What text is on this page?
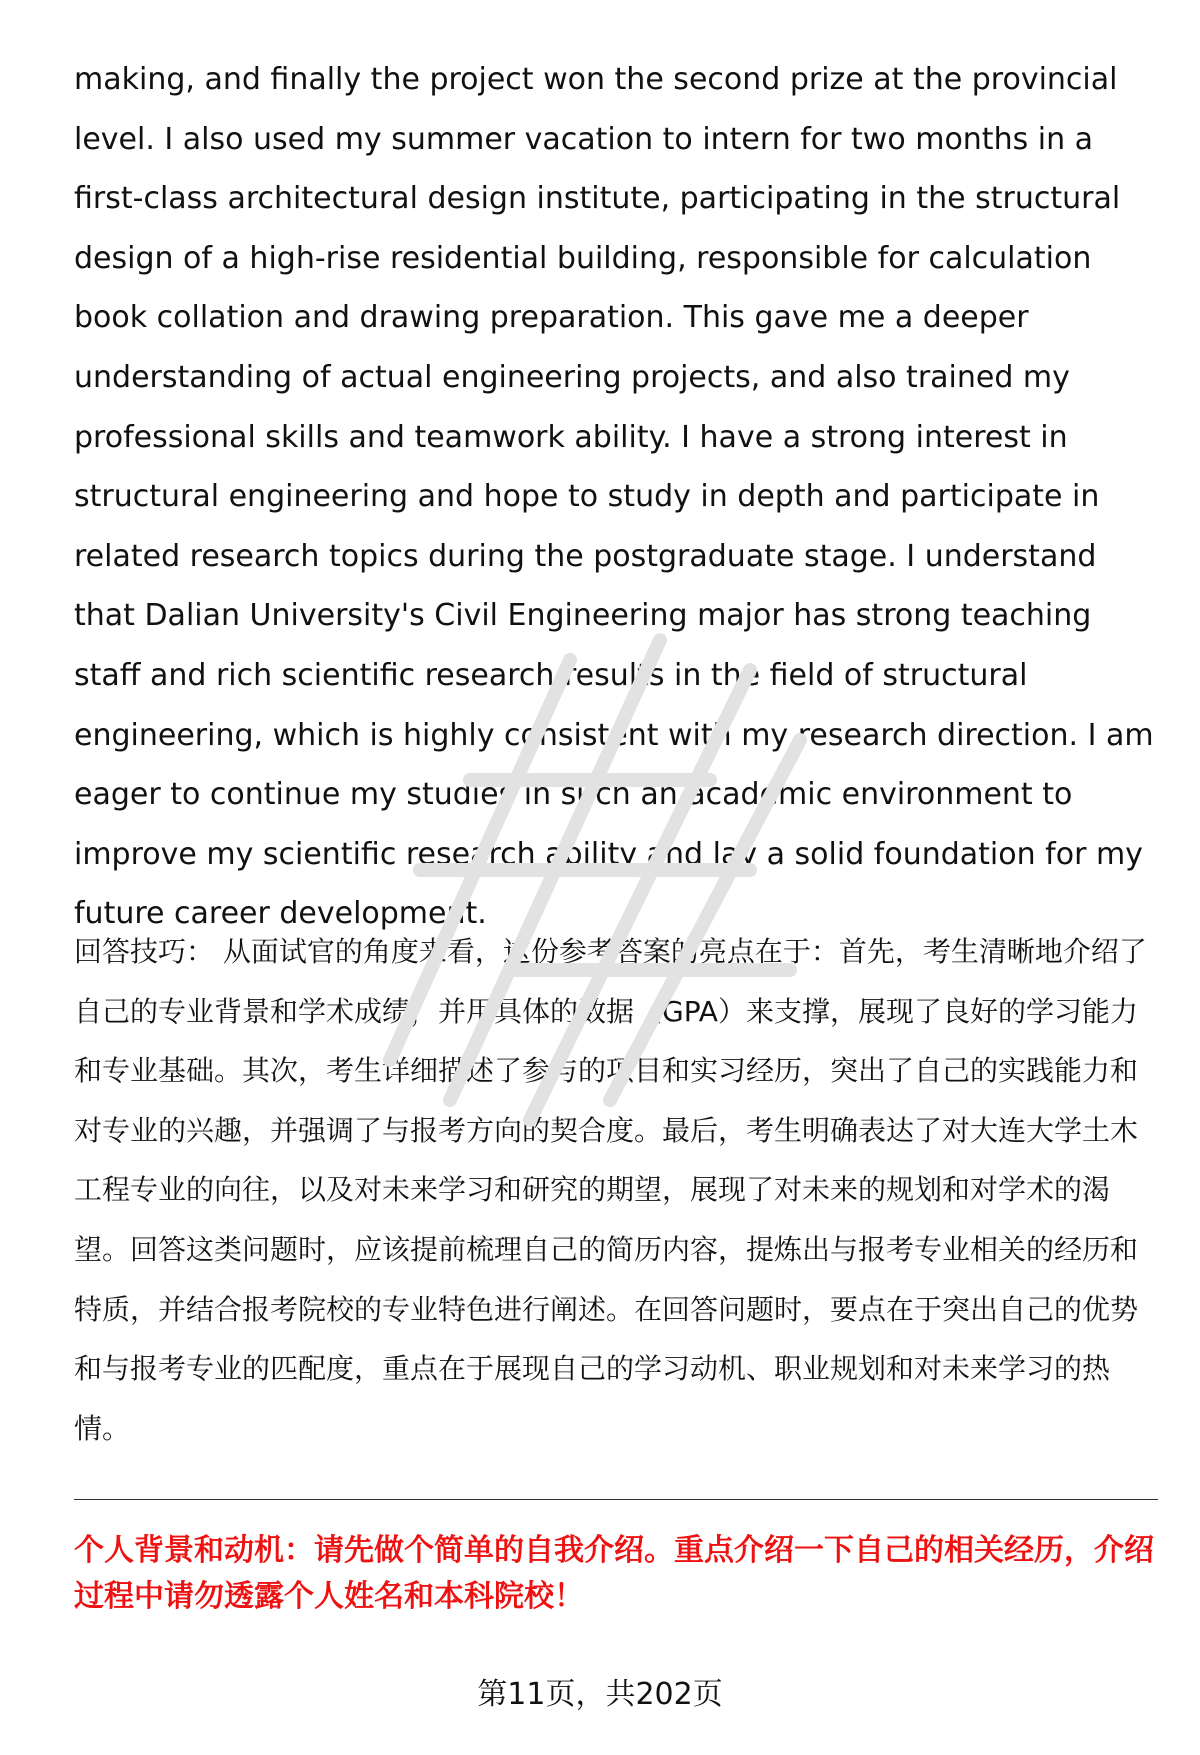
making, and finally the project won the second prize at the provincial level. I also used my summer vacation to intern for two months in a first-class architectural design institute, participating in the structural design of a high-rise residential building, responsible for calculation book collation and drawing preparation. This gave me a deeper understanding of actual engineering projects, and also trained my professional skills and teamwork ability. I have a strong interest in structural engineering and hope to study in depth and participate in related research topics during the postgraduate stage. I understand that Dalian University's Civil Engineering major has strong teaching staff and rich scientific research results in the field of structural engineering, which is highly consistent with my research direction. I am eager to continue my studies in such an academic environment to improve my scientific research ability and lay a solid foundation for my future career development.

回答技巧： 从面试官的角度来看，这份参考答案的亮点在于：首先，考生清晰地介绍了自己的专业背景和学术成绩，并用具体的数据（GPA）来支撑，展现了良好的学习能力和专业基础。其次，考生详细描述了参与的项目和实习经历，突出了自己的实践能力和对专业的兴趣，并强调了与报考方向的契合度。最后，考生明确表达了对大连大学土木工程专业的向往，以及对未来学习和研究的期望，展现了对未来的规划和对学术的渴望。回答这类问题时，应该提前梳理自己的简历内容，提炼出与报考专业相关的经历和特质，并结合报考院校的专业特色进行阐述。在回答问题时，要点在于突出自己的优势和与报考专业的匹配度，重点在于展现自己的学习动机、职业规划和对未来学习的热情。

个人背景和动机：请先做个简单的自我介绍。重点介绍一下自己的相关经历，介绍过程中请勿透露个人姓名和本科院校！

第11页，共202页
